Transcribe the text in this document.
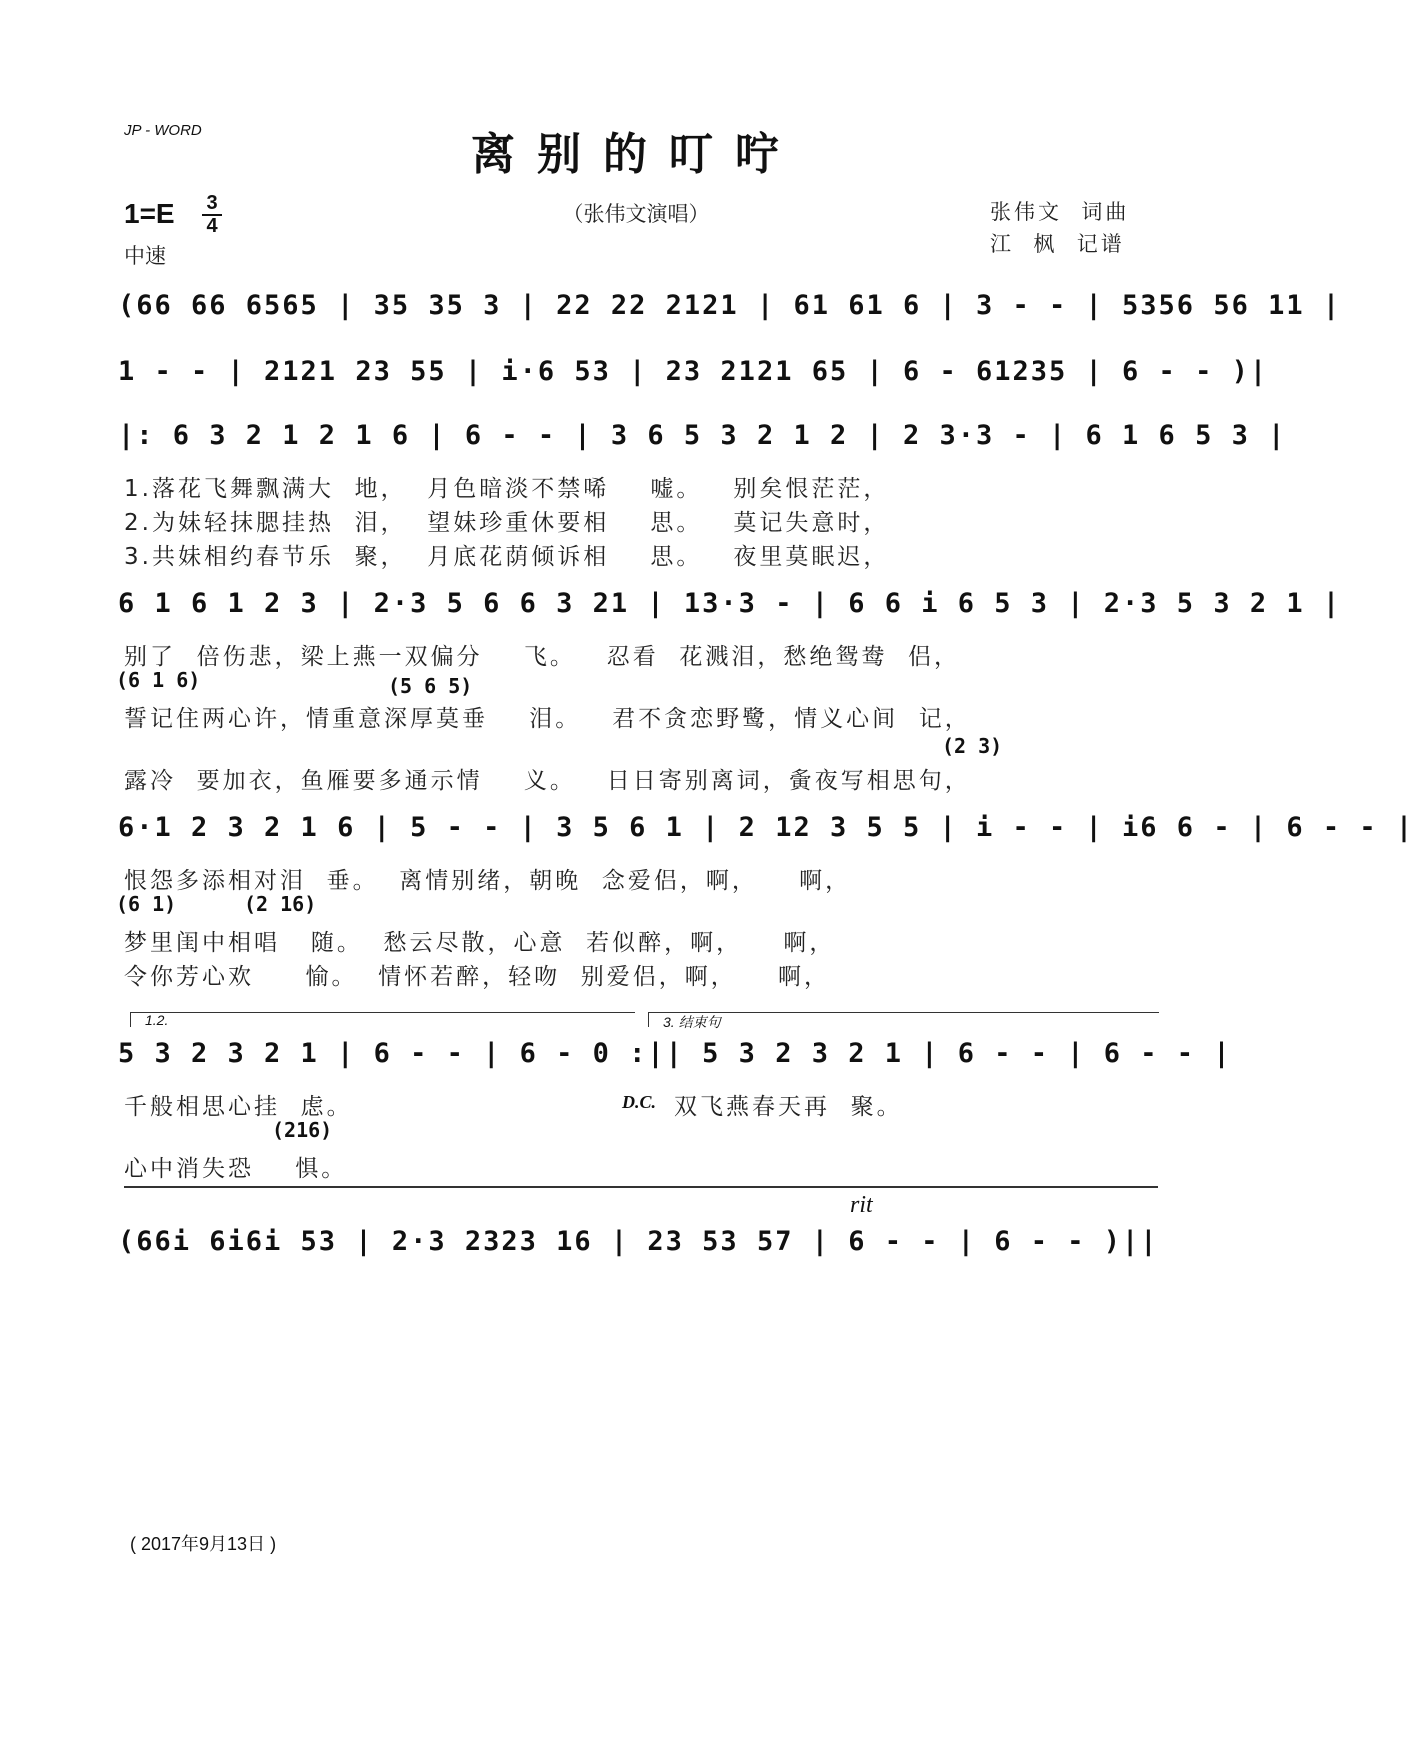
JP - WORD	离别的叮咛
1=E 3
4
中速
（张伟文演唱）	张伟文  词曲
江  枫  记谱
(66 66 6565 | 35 35 3 | 22 22 2121 | 61 61 6 | 3 - - | 5356 56 11 |
1 - - | 2121 23 55 | i·6 53 | 23 2121 65 | 6 - 61235 | 6 - - )|
|: 6 3 2 1 2 1 6 | 6 - - | 3 6 5 3 2 1 2 | 2 3·3 - | 6 1 6 5 3 |
1.落花飞舞飘满大  地，  月色暗淡不禁唏    嘘。   别矣恨茫茫，
2.为妹轻抹腮挂热  泪，  望妹珍重休要相    思。   莫记失意时，
3.共妹相约春节乐  聚，  月底花荫倾诉相    思。   夜里莫眠迟，
6 1 6 1 2 3 | 2·3 5 6 6 3 21 | 13·3 - | 6 6 i 6 5 3 | 2·3 5 3 2 1 |
别了  倍伤悲，梁上燕一双偏分    飞。   忍看  花溅泪，愁绝鸳鸯  侣，
(6 1 6)	(5 6 5)
誓记住两心许，情重意深厚莫垂    泪。   君不贪恋野鹭，情义心间  记，
(2 3)
露冷  要加衣，鱼雁要多通示情    义。   日日寄别离词，夤夜写相思句，
6·1 2 3 2 1 6 | 5 - - | 3 5 6 1 | 2 12 3 5 5 | i - - | i6 6 - | 6 - - |
恨怨多添相对泪  垂。  离情别绪，朝晚  念爱侣，啊，    啊，
(6 1)	(2 16)
梦里闺中相唱   随。  愁云尽散，心意  若似醉，啊，    啊，
令你芳心欢     愉。  情怀若醉，轻吻  别爱侣，啊，    啊，
1.2.	3. 结束句
5 3 2 3 2 1 | 6 - - | 6 - 0 :|| 5 3 2 3 2 1 | 6 - - | 6 - - |
千般相思心挂  虑。	D.C. 双飞燕春天再  聚。
(216)
心中消失恐    惧。
rit
(66i 6i6i 53 | 2·3 2323 16 | 23 53 57 | 6 - - | 6 - - )||
( 2017年9月13日 )
